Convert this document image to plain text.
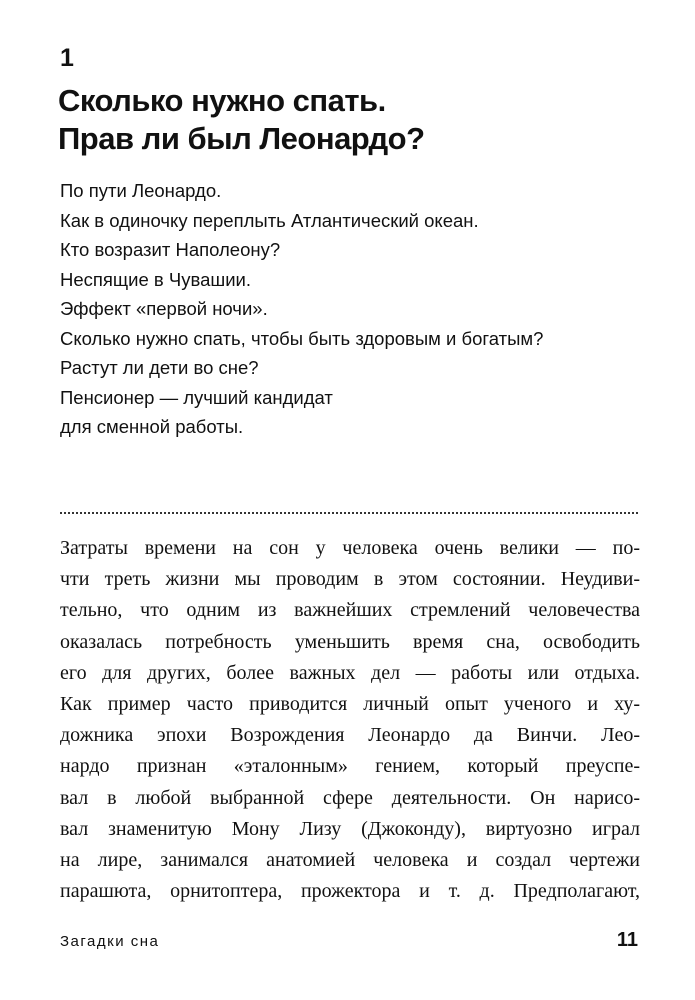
1
Сколько нужно спать.
Прав ли был Леонардо?
По пути Леонардо.
Как в одиночку переплыть Атлантический океан.
Кто возразит Наполеону?
Неспящие в Чувашии.
Эффект «первой ночи».
Сколько нужно спать, чтобы быть здоровым и богатым?
Растут ли дети во сне?
Пенсионер — лучший кандидат
для сменной работы.
Затраты времени на сон у человека очень велики — по-
чти треть жизни мы проводим в этом состоянии. Неудиви-
тельно, что одним из важнейших стремлений человечества
оказалась потребность уменьшить время сна, освободить
его для других, более важных дел — работы или отдыха.
Как пример часто приводится личный опыт ученого и ху-
дожника эпохи Возрождения Леонардо да Винчи. Лео-
нардо признан «эталонным» гением, который преуспе-
вал в любой выбранной сфере деятельности. Он нарисо-
вал знаменитую Мону Лизу (Джоконду), виртуозно играл
на лире, занимался анатомией человека и создал чертежи
парашюта, орнитоптера, прожектора и т. д. Предполагают,
Загадки сна	11
